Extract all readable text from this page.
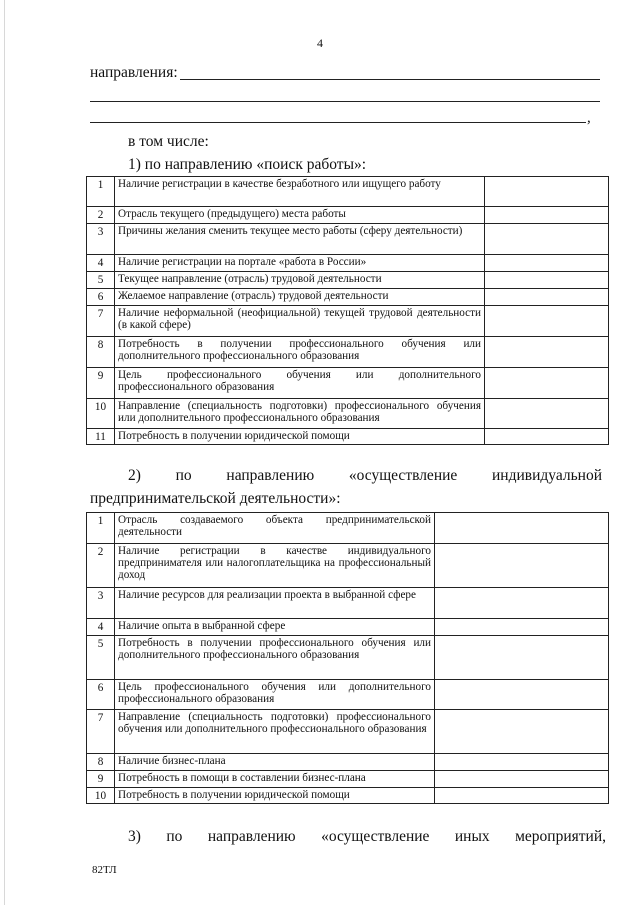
4
направления:
,
в том числе:
1) по направлению «поиск работы»:
1	Наличие регистрации в качестве безработного или ищущего работу	
2	Отрасль текущего (предыдущего) места работы	
3	Причины желания сменить текущее место работы (сферу деятельности)	
4	Наличие регистрации на портале «работа в России»	
5	Текущее направление (отрасль) трудовой деятельности	
6	Желаемое направление (отрасль) трудовой деятельности	
7	Наличие неформальной (неофициальной) текущей трудовой деятельности (в какой сфере)	
8	Потребность в получении профессионального обучения или дополнительного профессионального образования	
9	Цель профессионального обучения или дополнительного профессионального образования	
10	Направление (специальность подготовки) профессионального обучения или дополнительного профессионального образования	
11	Потребность в получении юридической помощи	
2) по направлению «осуществление индивидуальной
предпринимательской деятельности»:
1	Отрасль создаваемого объекта предпринимательской деятельности	
2	Наличие регистрации в качестве индивидуального предпринимателя или налогоплательщика на профессиональный доход	
3	Наличие ресурсов для реализации проекта в выбранной сфере	
4	Наличие опыта в выбранной сфере	
5	Потребность в получении профессионального обучения или дополнительного профессионального образования	
6	Цель профессионального обучения или дополнительного профессионального образования	
7	Направление (специальность подготовки) профессионального обучения или дополнительного профессионального образования	
8	Наличие бизнес-плана	
9	Потребность в помощи в составлении бизнес-плана	
10	Потребность в получении юридической помощи	
3) по направлению «осуществление иных мероприятий,
82ТЛ
